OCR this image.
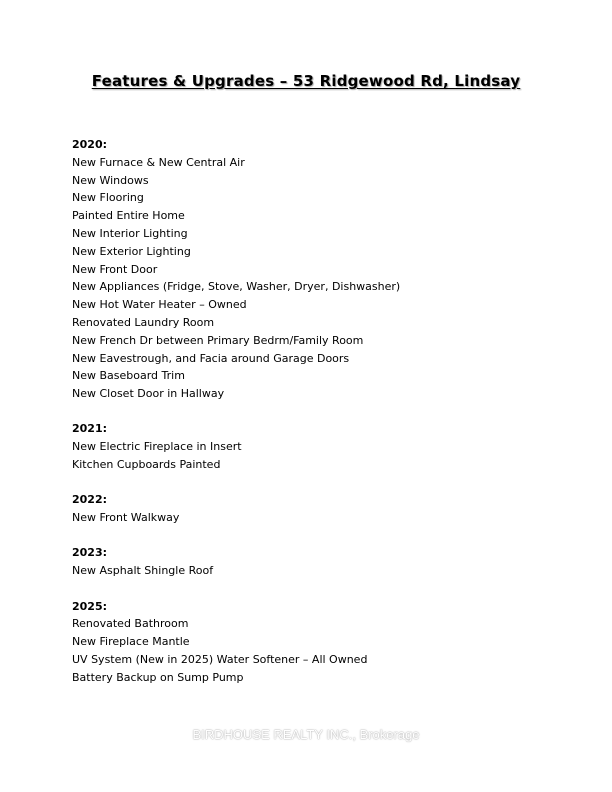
Features & Upgrades – 53 Ridgewood Rd, Lindsay
2020:
New Furnace & New Central Air
New Windows
New Flooring
Painted Entire Home
New Interior Lighting
New Exterior Lighting
New Front Door
New Appliances (Fridge, Stove, Washer, Dryer, Dishwasher)
New Hot Water Heater – Owned
Renovated Laundry Room
New French Dr between Primary Bedrm/Family Room
New Eavestrough, and Facia around Garage Doors
New Baseboard Trim
New Closet Door in Hallway
2021:
New Electric Fireplace in Insert
Kitchen Cupboards Painted
2022:
New Front Walkway
2023:
New Asphalt Shingle Roof
2025:
Renovated Bathroom
New Fireplace Mantle
UV System (New in 2025) Water Softener – All Owned
Battery Backup on Sump Pump
BIRDHOUSE REALTY INC., Brokerage
